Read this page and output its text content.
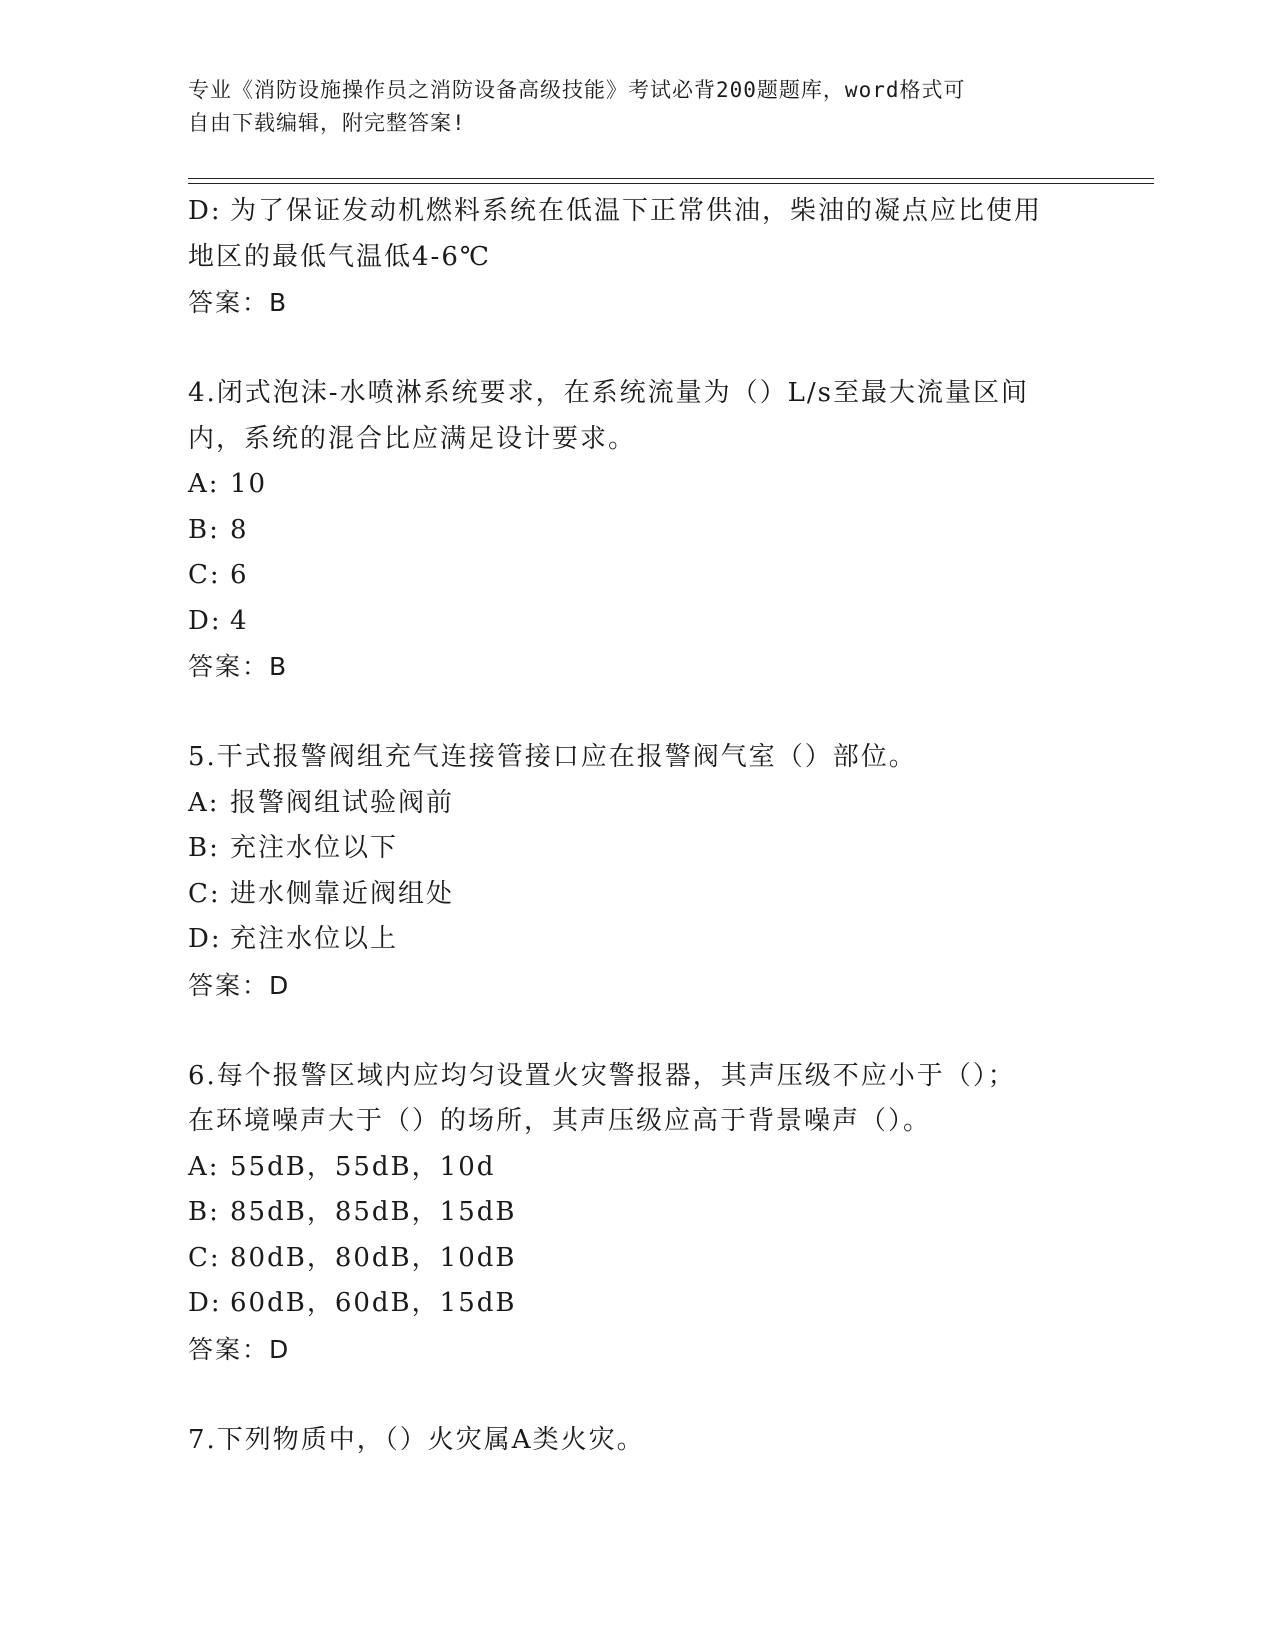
专业《消防设施操作员之消防设备高级技能》考试必背200题题库，word格式可
自由下载编辑，附完整答案!
D: 为了保证发动机燃料系统在低温下正常供油，柴油的凝点应比使用
地区的最低气温低4-6℃
答案：B
4.闭式泡沫-水喷淋系统要求，在系统流量为（）L/s至最大流量区间
内，系统的混合比应满足设计要求。
A: 10
B: 8
C: 6
D: 4
答案：B
5.干式报警阀组充气连接管接口应在报警阀气室（）部位。
A: 报警阀组试验阀前
B: 充注水位以下
C: 进水侧靠近阀组处
D: 充注水位以上
答案：D
6.每个报警区域内应均匀设置火灾警报器，其声压级不应小于（）；
在环境噪声大于（）的场所，其声压级应高于背景噪声（）。
A: 55dB，55dB，10d
B: 85dB，85dB，15dB
C: 80dB，80dB，10dB
D: 60dB，60dB，15dB
答案：D
7.下列物质中，（）火灾属A类火灾。
